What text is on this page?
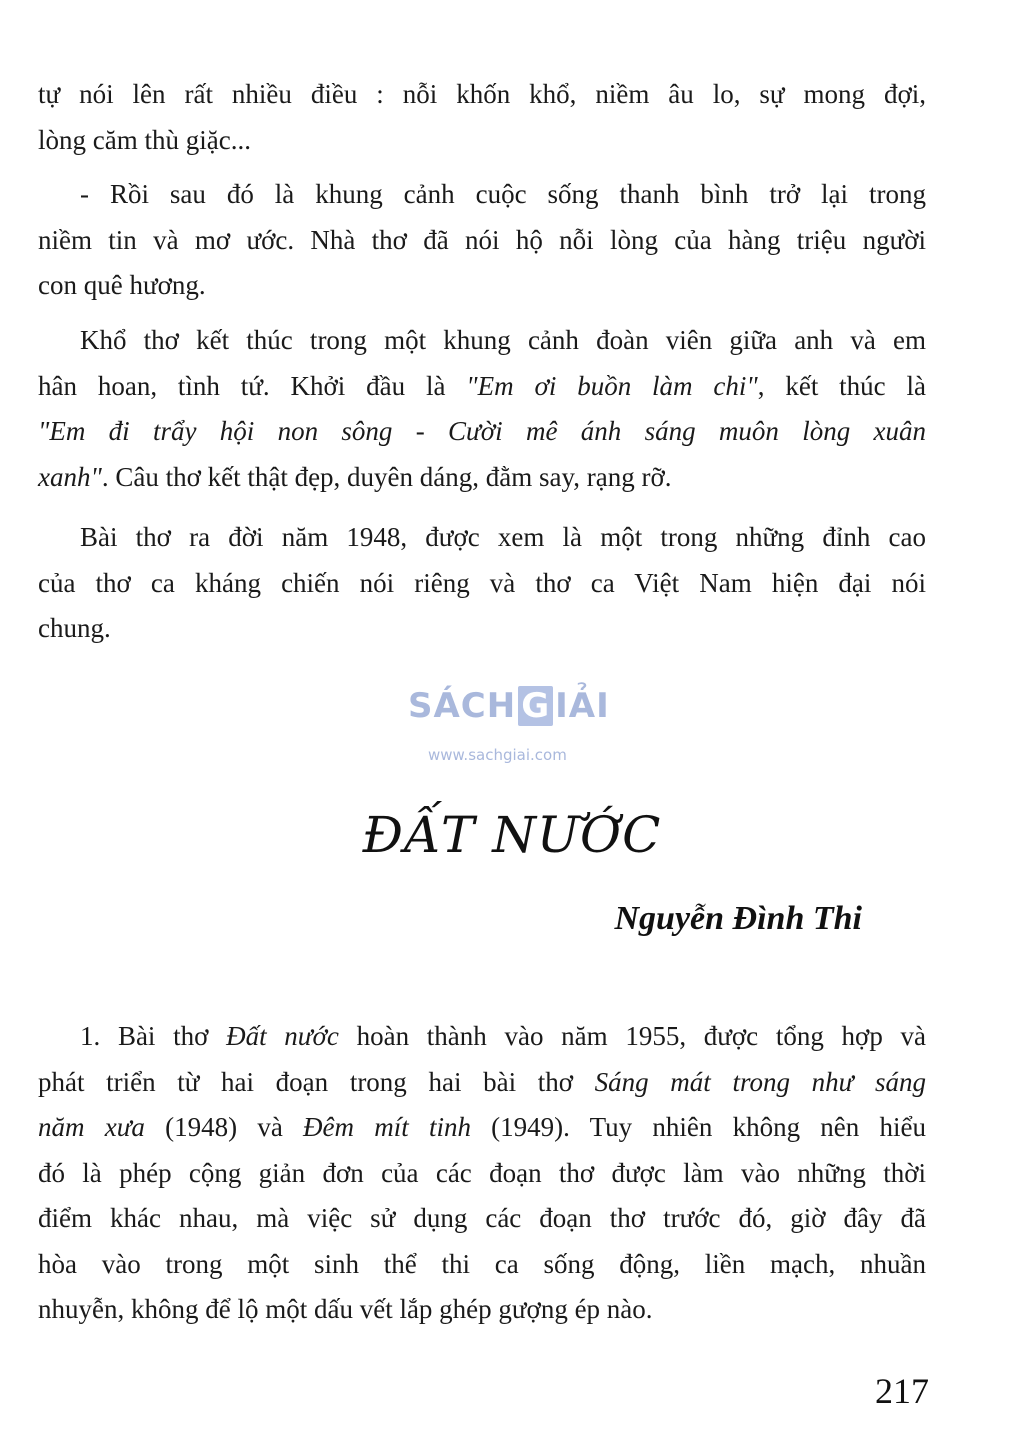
tự nói lên rất nhiều điều : nỗi khốn khổ, niềm âu lo, sự mong đợi,
lòng căm thù giặc...
- Rồi sau đó là khung cảnh cuộc sống thanh bình trở lại trong
niềm tin và mơ ước. Nhà thơ đã nói hộ nỗi lòng của hàng triệu người
con quê hương.
Khổ thơ kết thúc trong một khung cảnh đoàn viên giữa anh và em
hân hoan, tình tứ. Khởi đầu là "Em ơi buồn làm chi", kết thúc là
"Em đi trẩy hội non sông - Cười mê ánh sáng muôn lòng xuân
xanh". Câu thơ kết thật đẹp, duyên dáng, đằm say, rạng rỡ.
Bài thơ ra đời năm 1948, được xem là một trong những đỉnh cao
của thơ ca kháng chiến nói riêng và thơ ca Việt Nam hiện đại nói
chung.
SÁCH G IẢI
www.sachgiai.com
ĐẤT NƯỚC
Nguyễn Đình Thi
1. Bài thơ Đất nước hoàn thành vào năm 1955, được tổng hợp và
phát triển từ hai đoạn trong hai bài thơ Sáng mát trong như sáng
năm xưa (1948) và Đêm mít tinh (1949). Tuy nhiên không nên hiểu
đó là phép cộng giản đơn của các đoạn thơ được làm vào những thời
điểm khác nhau, mà việc sử dụng các đoạn thơ trước đó, giờ đây đã
hòa vào trong một sinh thể thi ca sống động, liền mạch, nhuần
nhuyễn, không để lộ một dấu vết lắp ghép gượng ép nào.
217
